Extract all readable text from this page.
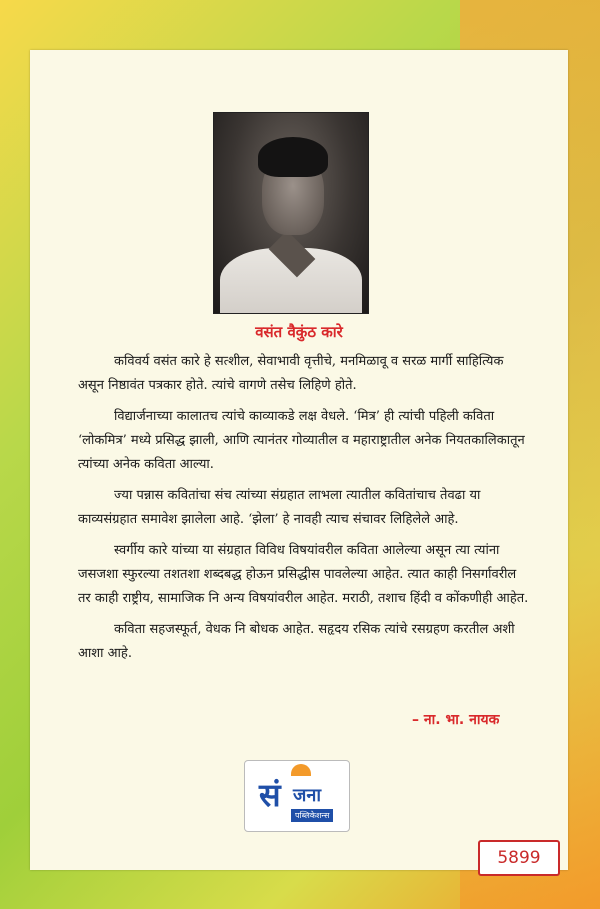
वसंत वैकुंठ कारे

कविवर्य वसंत कारे हे सत्शील, सेवाभावी वृत्तीचे, मनमिळावू व सरळ मार्गी साहित्यिक असून निष्ठावंत पत्रकार होते. त्यांचे वागणे तसेच लिहिणे होते.

विद्यार्जनाच्या कालातच त्यांचे काव्याकडे लक्ष वेधले. ‘मित्र’ ही त्यांची पहिली कविता ‘लोकमित्र’ मध्ये प्रसिद्ध झाली, आणि त्यानंतर गोव्यातील व महाराष्ट्रातील अनेक नियतकालिकातून त्यांच्या अनेक कविता आल्या.

ज्या पन्नास कवितांचा संच त्यांच्या संग्रहात लाभला त्यातील कवितांचाच तेवढा या काव्यसंग्रहात समावेश झालेला आहे. ‘झेला’ हे नावही त्याच संचावर लिहिलेले आहे.

स्वर्गीय कारे यांच्या या संग्रहात विविध विषयांवरील कविता आलेल्या असून त्या त्यांना जसजशा स्फुरल्या तशतशा शब्दबद्ध होऊन प्रसिद्धीस पावलेल्या आहेत. त्यात काही निसर्गावरील तर काही राष्ट्रीय, सामाजिक नि अन्य विषयांवरील आहेत. मराठी, तशाच हिंदी व कोंकणीही आहेत.

कविता सहजस्फूर्त, वेधक नि बोधक आहेत. सहृदय रसिक त्यांचे रसग्रहण करतील अशी आशा आहे.

– ना. भा. नायक
सं जना
पब्लिकेशन्स
5899
